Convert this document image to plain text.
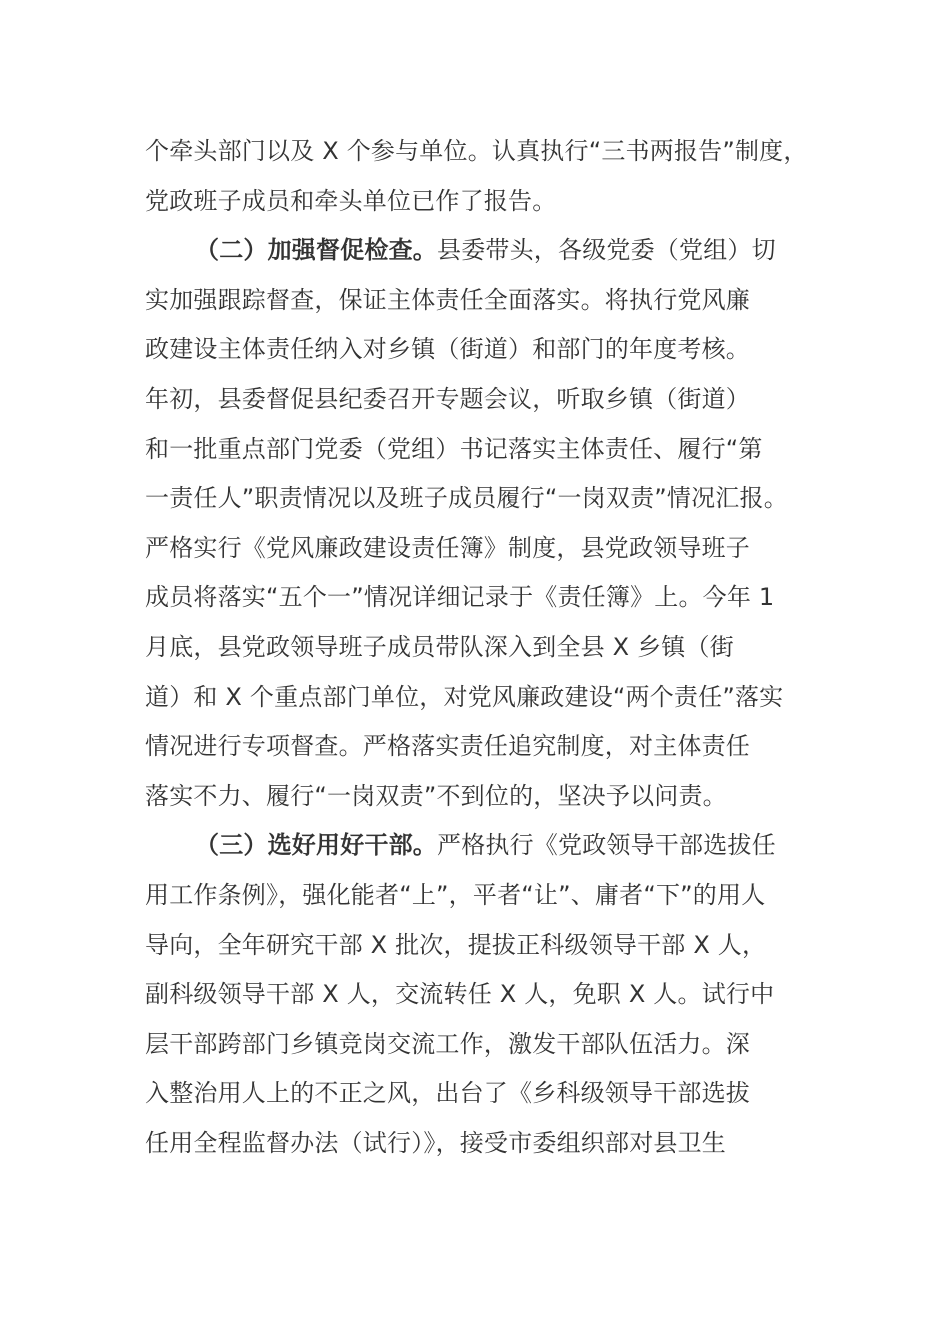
个牵头部门以及 X 个参与单位。认真执行“三书两报告”制度，
党政班子成员和牵头单位已作了报告。
（二）加强督促检查。县委带头，各级党委（党组）切
实加强跟踪督查，保证主体责任全面落实。将执行党风廉
政建设主体责任纳入对乡镇（街道）和部门的年度考核。
年初，县委督促县纪委召开专题会议，听取乡镇（街道）
和一批重点部门党委（党组）书记落实主体责任、履行“第
一责任人”职责情况以及班子成员履行“一岗双责”情况汇报。
严格实行《党风廉政建设责任簿》制度，县党政领导班子
成员将落实“五个一”情况详细记录于《责任簿》上。今年 1
月底，县党政领导班子成员带队深入到全县 X 乡镇（街
道）和 X 个重点部门单位，对党风廉政建设“两个责任”落实
情况进行专项督查。严格落实责任追究制度，对主体责任
落实不力、履行“一岗双责”不到位的，坚决予以问责。
（三）选好用好干部。严格执行《党政领导干部选拔任
用工作条例》，强化能者“上”，平者“让”、庸者“下”的用人
导向，全年研究干部 X 批次，提拔正科级领导干部 X 人，
副科级领导干部 X 人，交流转任 X 人，免职 X 人。试行中
层干部跨部门乡镇竞岗交流工作，激发干部队伍活力。深
入整治用人上的不正之风，出台了《乡科级领导干部选拔
任用全程监督办法（试行）》，接受市委组织部对县卫生
